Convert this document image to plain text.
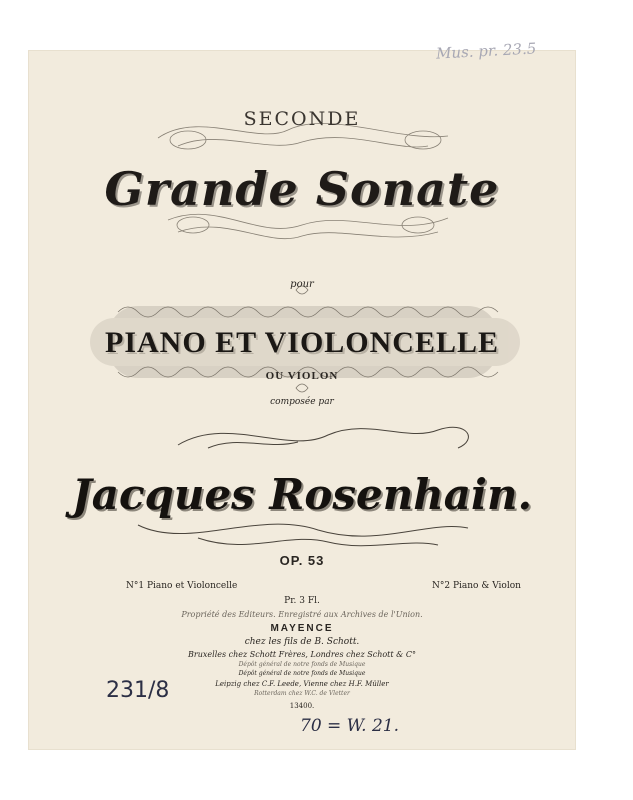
Mus. pr. 23.5
SECONDE
Grande Sonate
pour
PIANO ET VIOLONCELLE
OU VIOLON
composée par
Jacques Rosenhain.
OP. 53
N°1 Piano et Violoncelle	N°2 Piano & Violon
Pr. 3 Fl.
Propriété des Editeurs. Enregistré aux Archives de l'Union.
MAYENCE
chez les fils de B. Schott.
Bruxelles chez Schott Frères, Londres chez Schott & C°
Dépôt général de notre fonds de Musique
Dépôt général de notre fonds de Musique
Leipzig chez C.F. Leede, Vienne chez H.F. Müller
Rotterdam chez W.C. de Vletter
13400.
231/8
70 = W. 21.
